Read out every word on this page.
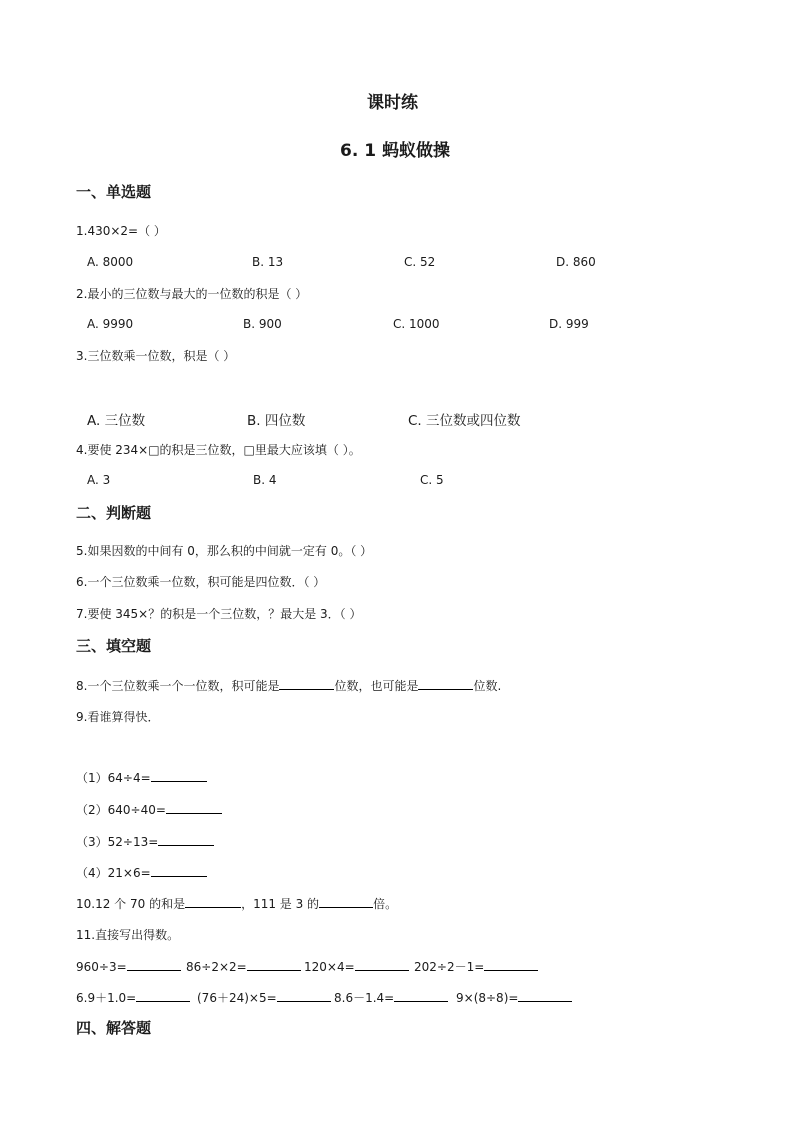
课时练
6. 1 蚂蚁做操
一、单选题
1.430×2=（ ）
A. 8000	B. 13	C. 52	D. 860
2.最小的三位数与最大的一位数的积是（ ）
A. 9990	B. 900	C. 1000	D. 999
3.三位数乘一位数，积是（ ）
A. 三位数	B. 四位数	C. 三位数或四位数
4.要使 234×□的积是三位数，□里最大应该填（ ）。
A. 3	B. 4	C. 5
二、判断题
5.如果因数的中间有 0，那么积的中间就一定有 0。（ ）
6.一个三位数乘一位数，积可能是四位数．（ ）
7.要使 345×？的积是一个三位数，？最大是 3．（ ）
三、填空题
8.一个三位数乘一个一位数，积可能是	位数，也可能是	位数.
9.看谁算得快．
（1）64÷4=
（2）640÷40=
（3）52÷13=
（4）21×6=
10.12 个 70 的和是	，111 是 3 的	倍。
11.直接写出得数。
960÷3=	86÷2×2=	120×4=	202÷2－1=
6.9＋1.0=	(76＋24)×5=	8.6－1.4=	9×(8÷8)=
四、解答题
